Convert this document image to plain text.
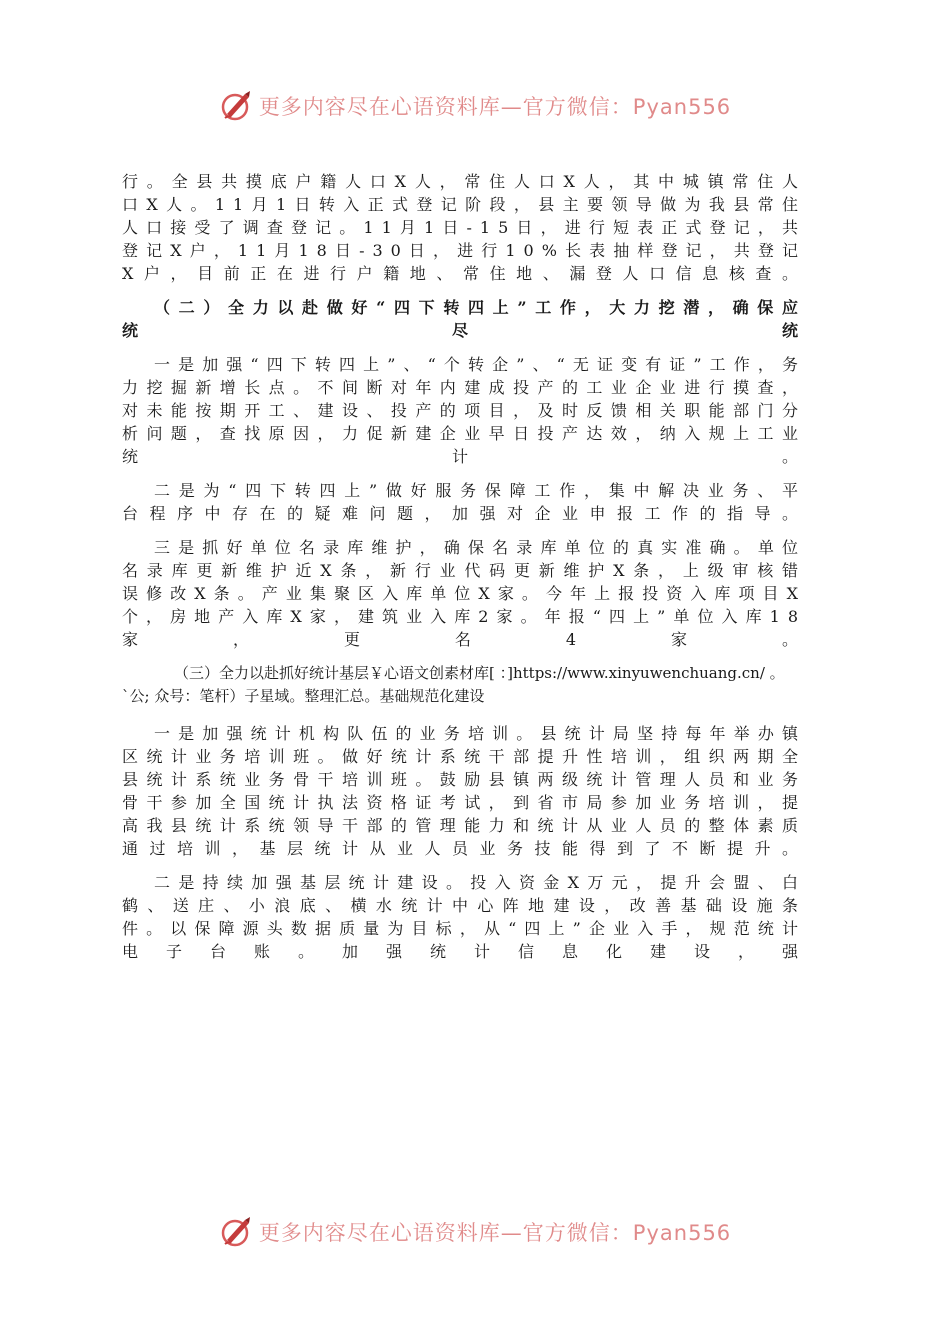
更多内容尽在心语资料库—官方微信：Pyan556

行。全县共摸底户籍人口X人，常住人口X人，其中城镇常住人口X人。11月1日转入正式登记阶段，县主要领导做为我县常住人口接受了调查登记。11月1日-15日，进行短表正式登记，共登记X户，11月18日-30日，进行10%长表抽样登记，共登记X户，目前正在进行户籍地、常住地、漏登人口信息核查。

（二）全力以赴做好“四下转四上”工作，大力挖潜，确保应统尽统

一是加强“四下转四上”、“个转企”、“无证变有证”工作，务力挖掘新增长点。不间断对年内建成投产的工业企业进行摸查，对未能按期开工、建设、投产的项目，及时反馈相关职能部门分析问题，查找原因，力促新建企业早日投产达效，纳入规上工业统计。

二是为“四下转四上”做好服务保障工作，集中解决业务、平台程序中存在的疑难问题，加强对企业申报工作的指导。

三是抓好单位名录库维护，确保名录库单位的真实准确。单位名录库更新维护近X条，新行业代码更新维护X条，上级审核错误修改X条。产业集聚区入库单位X家。今年上报投资入库项目X个，房地产入库X家，建筑业入库2家。年报“四上”单位入库18家，更名4家。

（三）全力以赴抓好统计基层￥心语文创素材库[ ：]https://www.xinyuwenchuang.cn/ 。
`公; 众号：笔杆）子星域。整理汇总。基础规范化建设

一是加强统计机构队伍的业务培训。县统计局坚持每年举办镇区统计业务培训班。做好统计系统干部提升性培训，组织两期全县统计系统业务骨干培训班。鼓励县镇两级统计管理人员和业务骨干参加全国统计执法资格证考试，到省市局参加业务培训，提高我县统计系统领导干部的管理能力和统计从业人员的整体素质通过培训，基层统计从业人员业务技能得到了不断提升。

二是持续加强基层统计建设。投入资金X万元，提升会盟、白鹤、送庄、小浪底、横水统计中心阵地建设，改善基础设施条件。以保障源头数据质量为目标，从“四上”企业入手，规范统计电子台账。加强统计信息化建设，强

更多内容尽在心语资料库—官方微信：Pyan556
